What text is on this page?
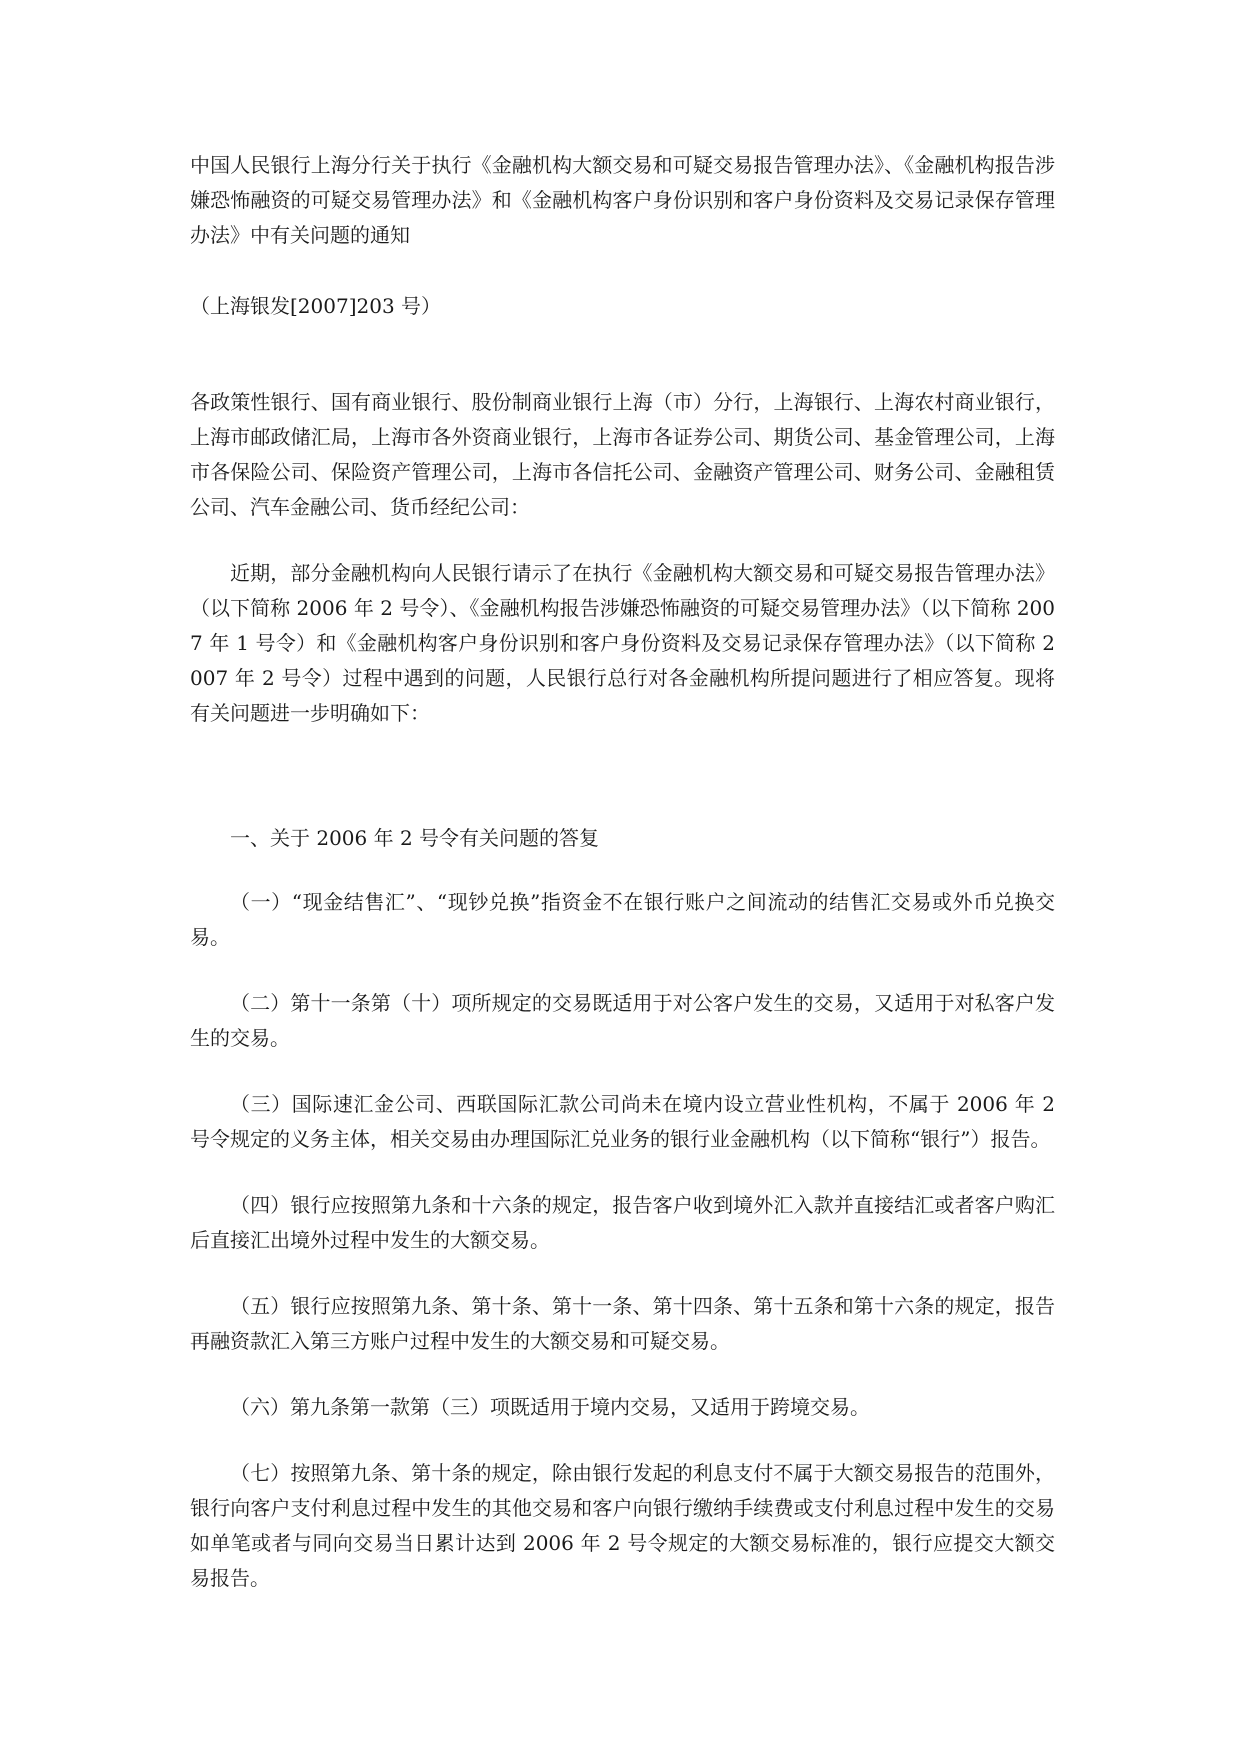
中国人民银行上海分行关于执行《金融机构大额交易和可疑交易报告管理办法》、《金融机构报告涉嫌恐怖融资的可疑交易管理办法》和《金融机构客户身份识别和客户身份资料及交易记录保存管理办法》中有关问题的通知

（上海银发[2007]203 号）

各政策性银行、国有商业银行、股份制商业银行上海（市）分行，上海银行、上海农村商业银行，上海市邮政储汇局，上海市各外资商业银行，上海市各证券公司、期货公司、基金管理公司，上海市各保险公司、保险资产管理公司，上海市各信托公司、金融资产管理公司、财务公司、金融租赁公司、汽车金融公司、货币经纪公司：

近期，部分金融机构向人民银行请示了在执行《金融机构大额交易和可疑交易报告管理办法》（以下简称 2006 年 2 号令）、《金融机构报告涉嫌恐怖融资的可疑交易管理办法》（以下简称 2007 年 1 号令）和《金融机构客户身份识别和客户身份资料及交易记录保存管理办法》（以下简称 2007 年 2 号令）过程中遇到的问题，人民银行总行对各金融机构所提问题进行了相应答复。现将有关问题进一步明确如下：

一、关于 2006 年 2 号令有关问题的答复

（一）“现金结售汇”、“现钞兑换”指资金不在银行账户之间流动的结售汇交易或外币兑换交易。

（二）第十一条第（十）项所规定的交易既适用于对公客户发生的交易，又适用于对私客户发生的交易。

（三）国际速汇金公司、西联国际汇款公司尚未在境内设立营业性机构，不属于 2006 年 2 号令规定的义务主体，相关交易由办理国际汇兑业务的银行业金融机构（以下简称“银行”）报告。

（四）银行应按照第九条和十六条的规定，报告客户收到境外汇入款并直接结汇或者客户购汇后直接汇出境外过程中发生的大额交易。

（五）银行应按照第九条、第十条、第十一条、第十四条、第十五条和第十六条的规定，报告再融资款汇入第三方账户过程中发生的大额交易和可疑交易。

（六）第九条第一款第（三）项既适用于境内交易，又适用于跨境交易。

（七）按照第九条、第十条的规定，除由银行发起的利息支付不属于大额交易报告的范围外，银行向客户支付利息过程中发生的其他交易和客户向银行缴纳手续费或支付利息过程中发生的交易如单笔或者与同向交易当日累计达到 2006 年 2 号令规定的大额交易标准的，银行应提交大额交易报告。
